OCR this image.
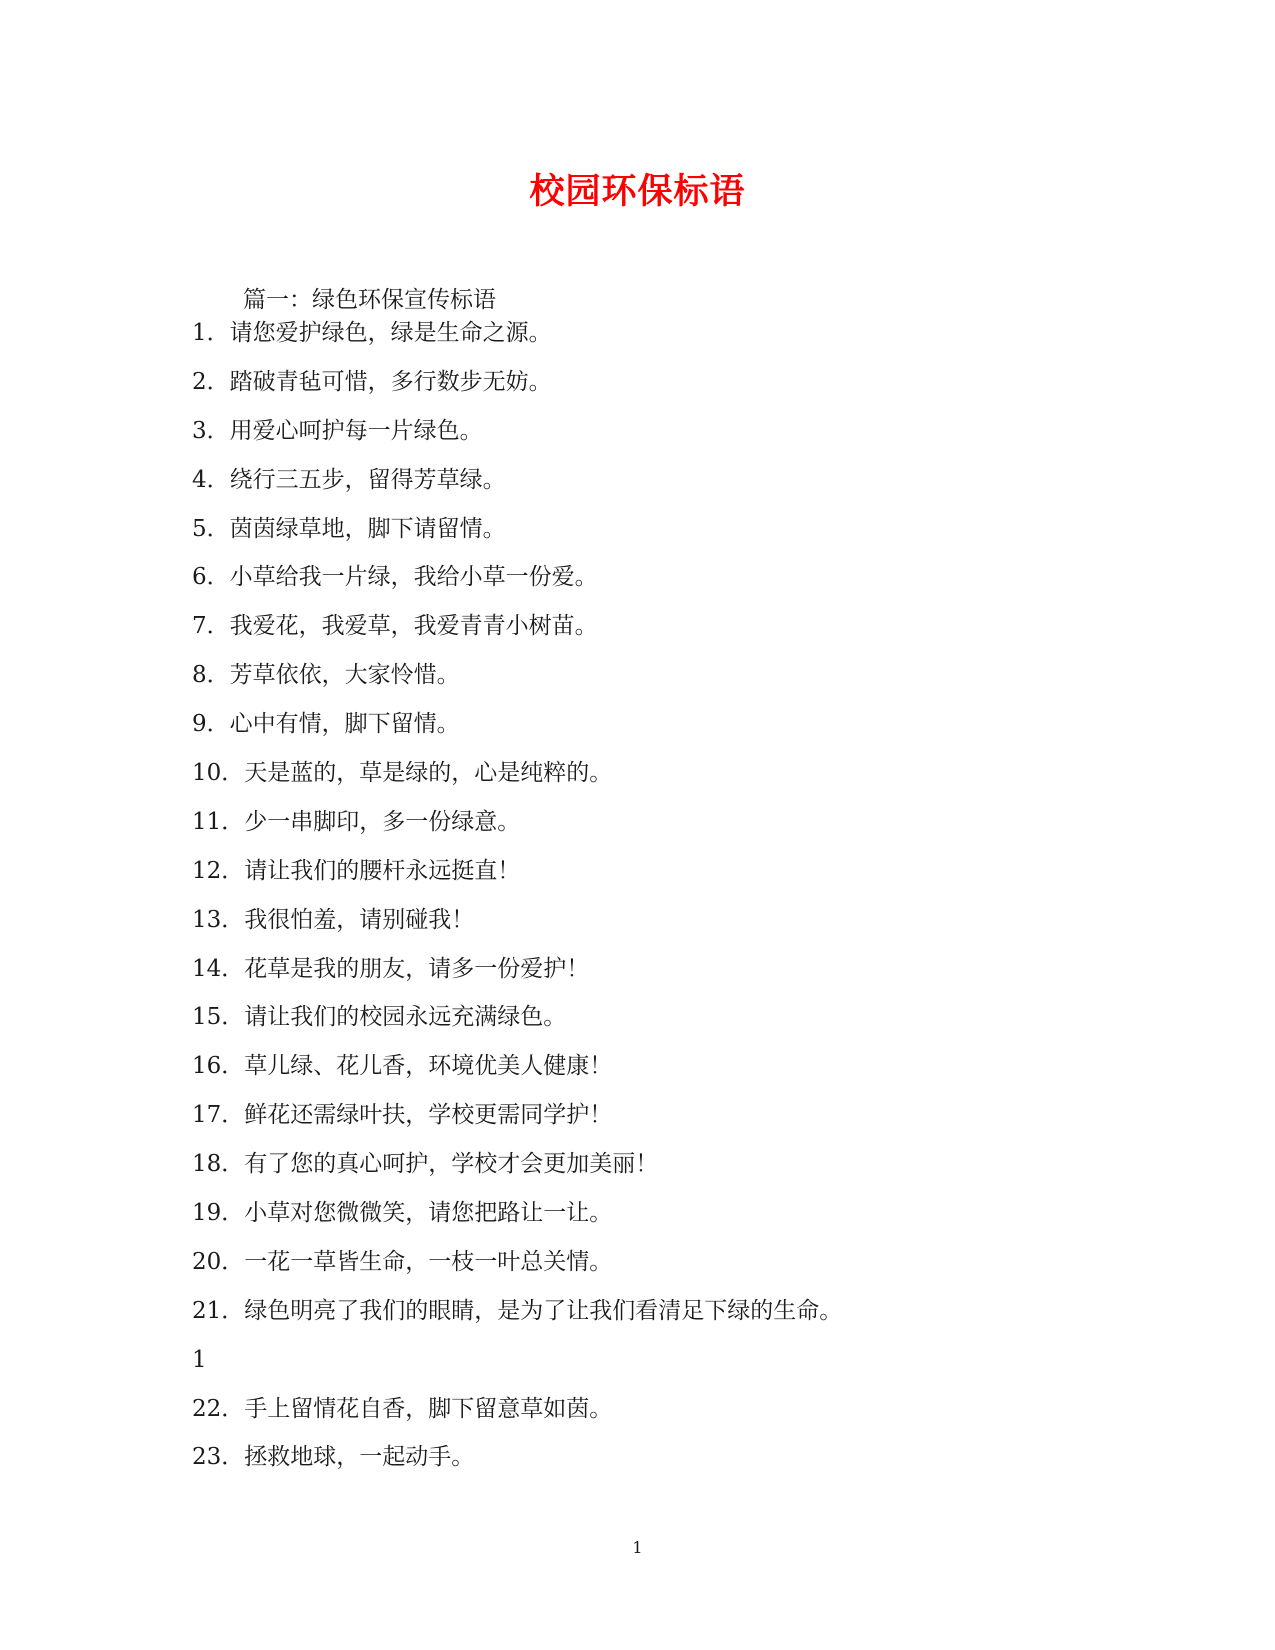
校园环保标语
篇一：绿色环保宣传标语
1．请您爱护绿色，绿是生命之源。
2．踏破青毡可惜，多行数步无妨。
3．用爱心呵护每一片绿色。
4．绕行三五步，留得芳草绿。
5．茵茵绿草地，脚下请留情。
6．小草给我一片绿，我给小草一份爱。
7．我爱花，我爱草，我爱青青小树苗。
8．芳草依依，大家怜惜。
9．心中有情，脚下留情。
10．天是蓝的，草是绿的，心是纯粹的。
11．少一串脚印，多一份绿意。
12．请让我们的腰杆永远挺直！
13．我很怕羞，请别碰我！
14．花草是我的朋友，请多一份爱护！
15．请让我们的校园永远充满绿色。
16．草儿绿、花儿香，环境优美人健康！
17．鲜花还需绿叶扶，学校更需同学护！
18．有了您的真心呵护，学校才会更加美丽！
19．小草对您微微笑，请您把路让一让。
20．一花一草皆生命，一枝一叶总关情。
21．绿色明亮了我们的眼睛，是为了让我们看清足下绿的生命。
1
22．手上留情花自香，脚下留意草如茵。
23．拯救地球，一起动手。
1
